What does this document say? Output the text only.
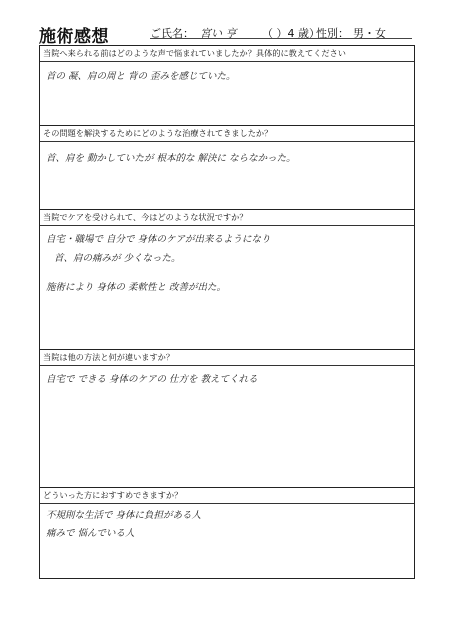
施術感想	ご氏名： 宮い 亨 （ ）4 歳）
性別： 男・女
当院へ来られる前はどのような声で悩まれていましたか？具体的に教えてください
首の 凝、肩の周と 背の 歪みを感じていた。
その問題を解決するためにどのような治療されてきましたか？
首、肩を 動かしていたが 根本的な 解決に ならなかった。
当院でケアを受けられて、今はどのような状況ですか？
自宅・職場で 自分で 身体のケアが出来るようになり
首、肩の痛みが 少くなった。
施術により 身体の 柔軟性と 改善が出た。
当院は他の方法と何が違いますか？
自宅で できる 身体のケアの 仕方を 教えてくれる
どういった方におすすめできますか？
不規則な生活で 身体に負担がある人
痛みで 悩んでいる人
